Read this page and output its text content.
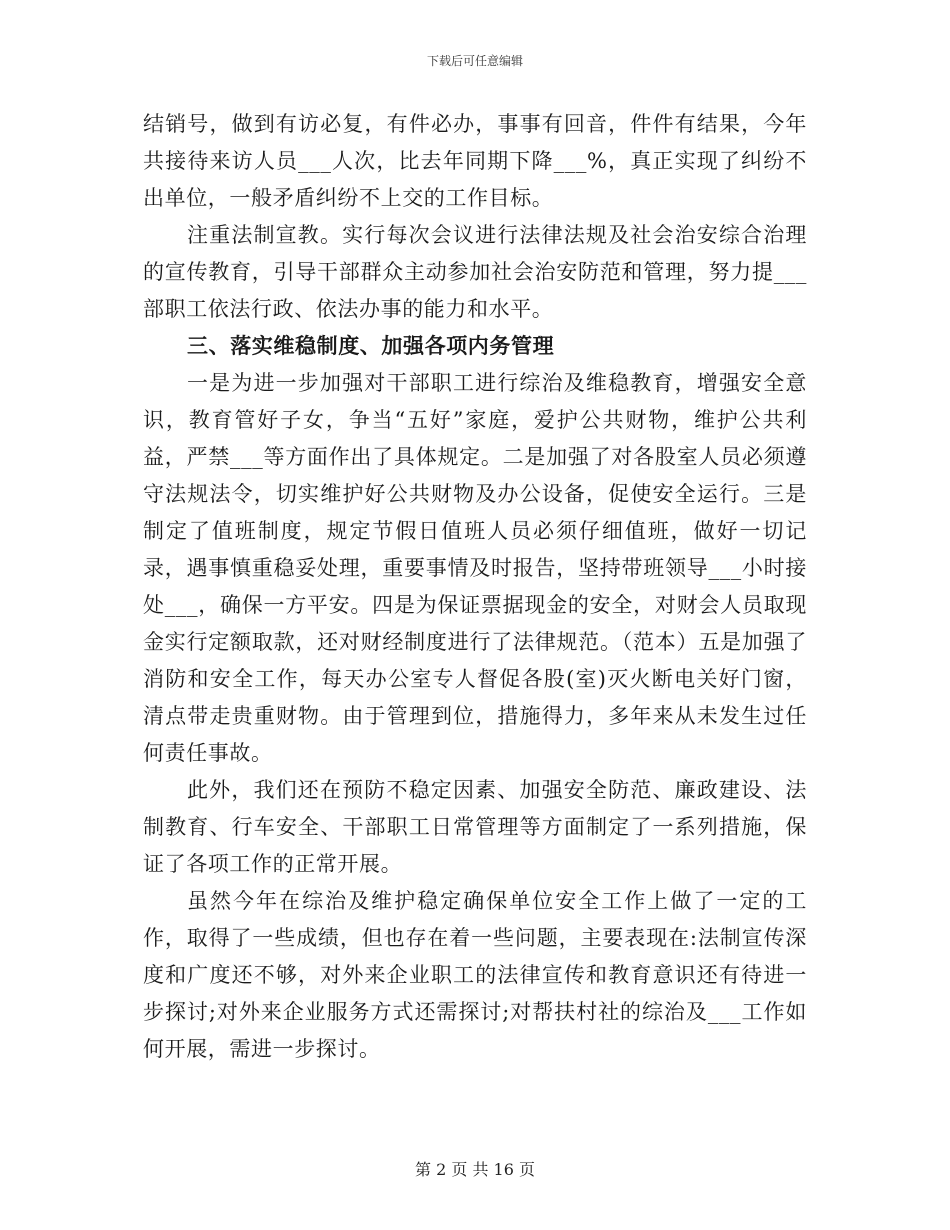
下载后可任意编辑

结销号，做到有访必复，有件必办，事事有回音，件件有结果，今年共接待来访人员___人次，比去年同期下降___%，真正实现了纠纷不出单位，一般矛盾纠纷不上交的工作目标。

注重法制宣教。实行每次会议进行法律法规及社会治安综合治理的宣传教育，引导干部群众主动参加社会治安防范和管理，努力提___部职工依法行政、依法办事的能力和水平。

三、落实维稳制度、加强各项内务管理

一是为进一步加强对干部职工进行综治及维稳教育，增强安全意识，教育管好子女，争当“五好”家庭，爱护公共财物，维护公共利益，严禁___等方面作出了具体规定。二是加强了对各股室人员必须遵守法规法令，切实维护好公共财物及办公设备，促使安全运行。三是制定了值班制度，规定节假日值班人员必须仔细值班，做好一切记录，遇事慎重稳妥处理，重要事情及时报告，坚持带班领导___小时接处___，确保一方平安。四是为保证票据现金的安全，对财会人员取现金实行定额取款，还对财经制度进行了法律规范。（范本）五是加强了消防和安全工作，每天办公室专人督促各股(室)灭火断电关好门窗，清点带走贵重财物。由于管理到位，措施得力，多年来从未发生过任何责任事故。

此外，我们还在预防不稳定因素、加强安全防范、廉政建设、法制教育、行车安全、干部职工日常管理等方面制定了一系列措施，保证了各项工作的正常开展。

虽然今年在综治及维护稳定确保单位安全工作上做了一定的工作，取得了一些成绩，但也存在着一些问题，主要表现在:法制宣传深度和广度还不够，对外来企业职工的法律宣传和教育意识还有待进一步探讨;对外来企业服务方式还需探讨;对帮扶村社的综治及___工作如何开展，需进一步探讨。

第 2 页 共 16 页
